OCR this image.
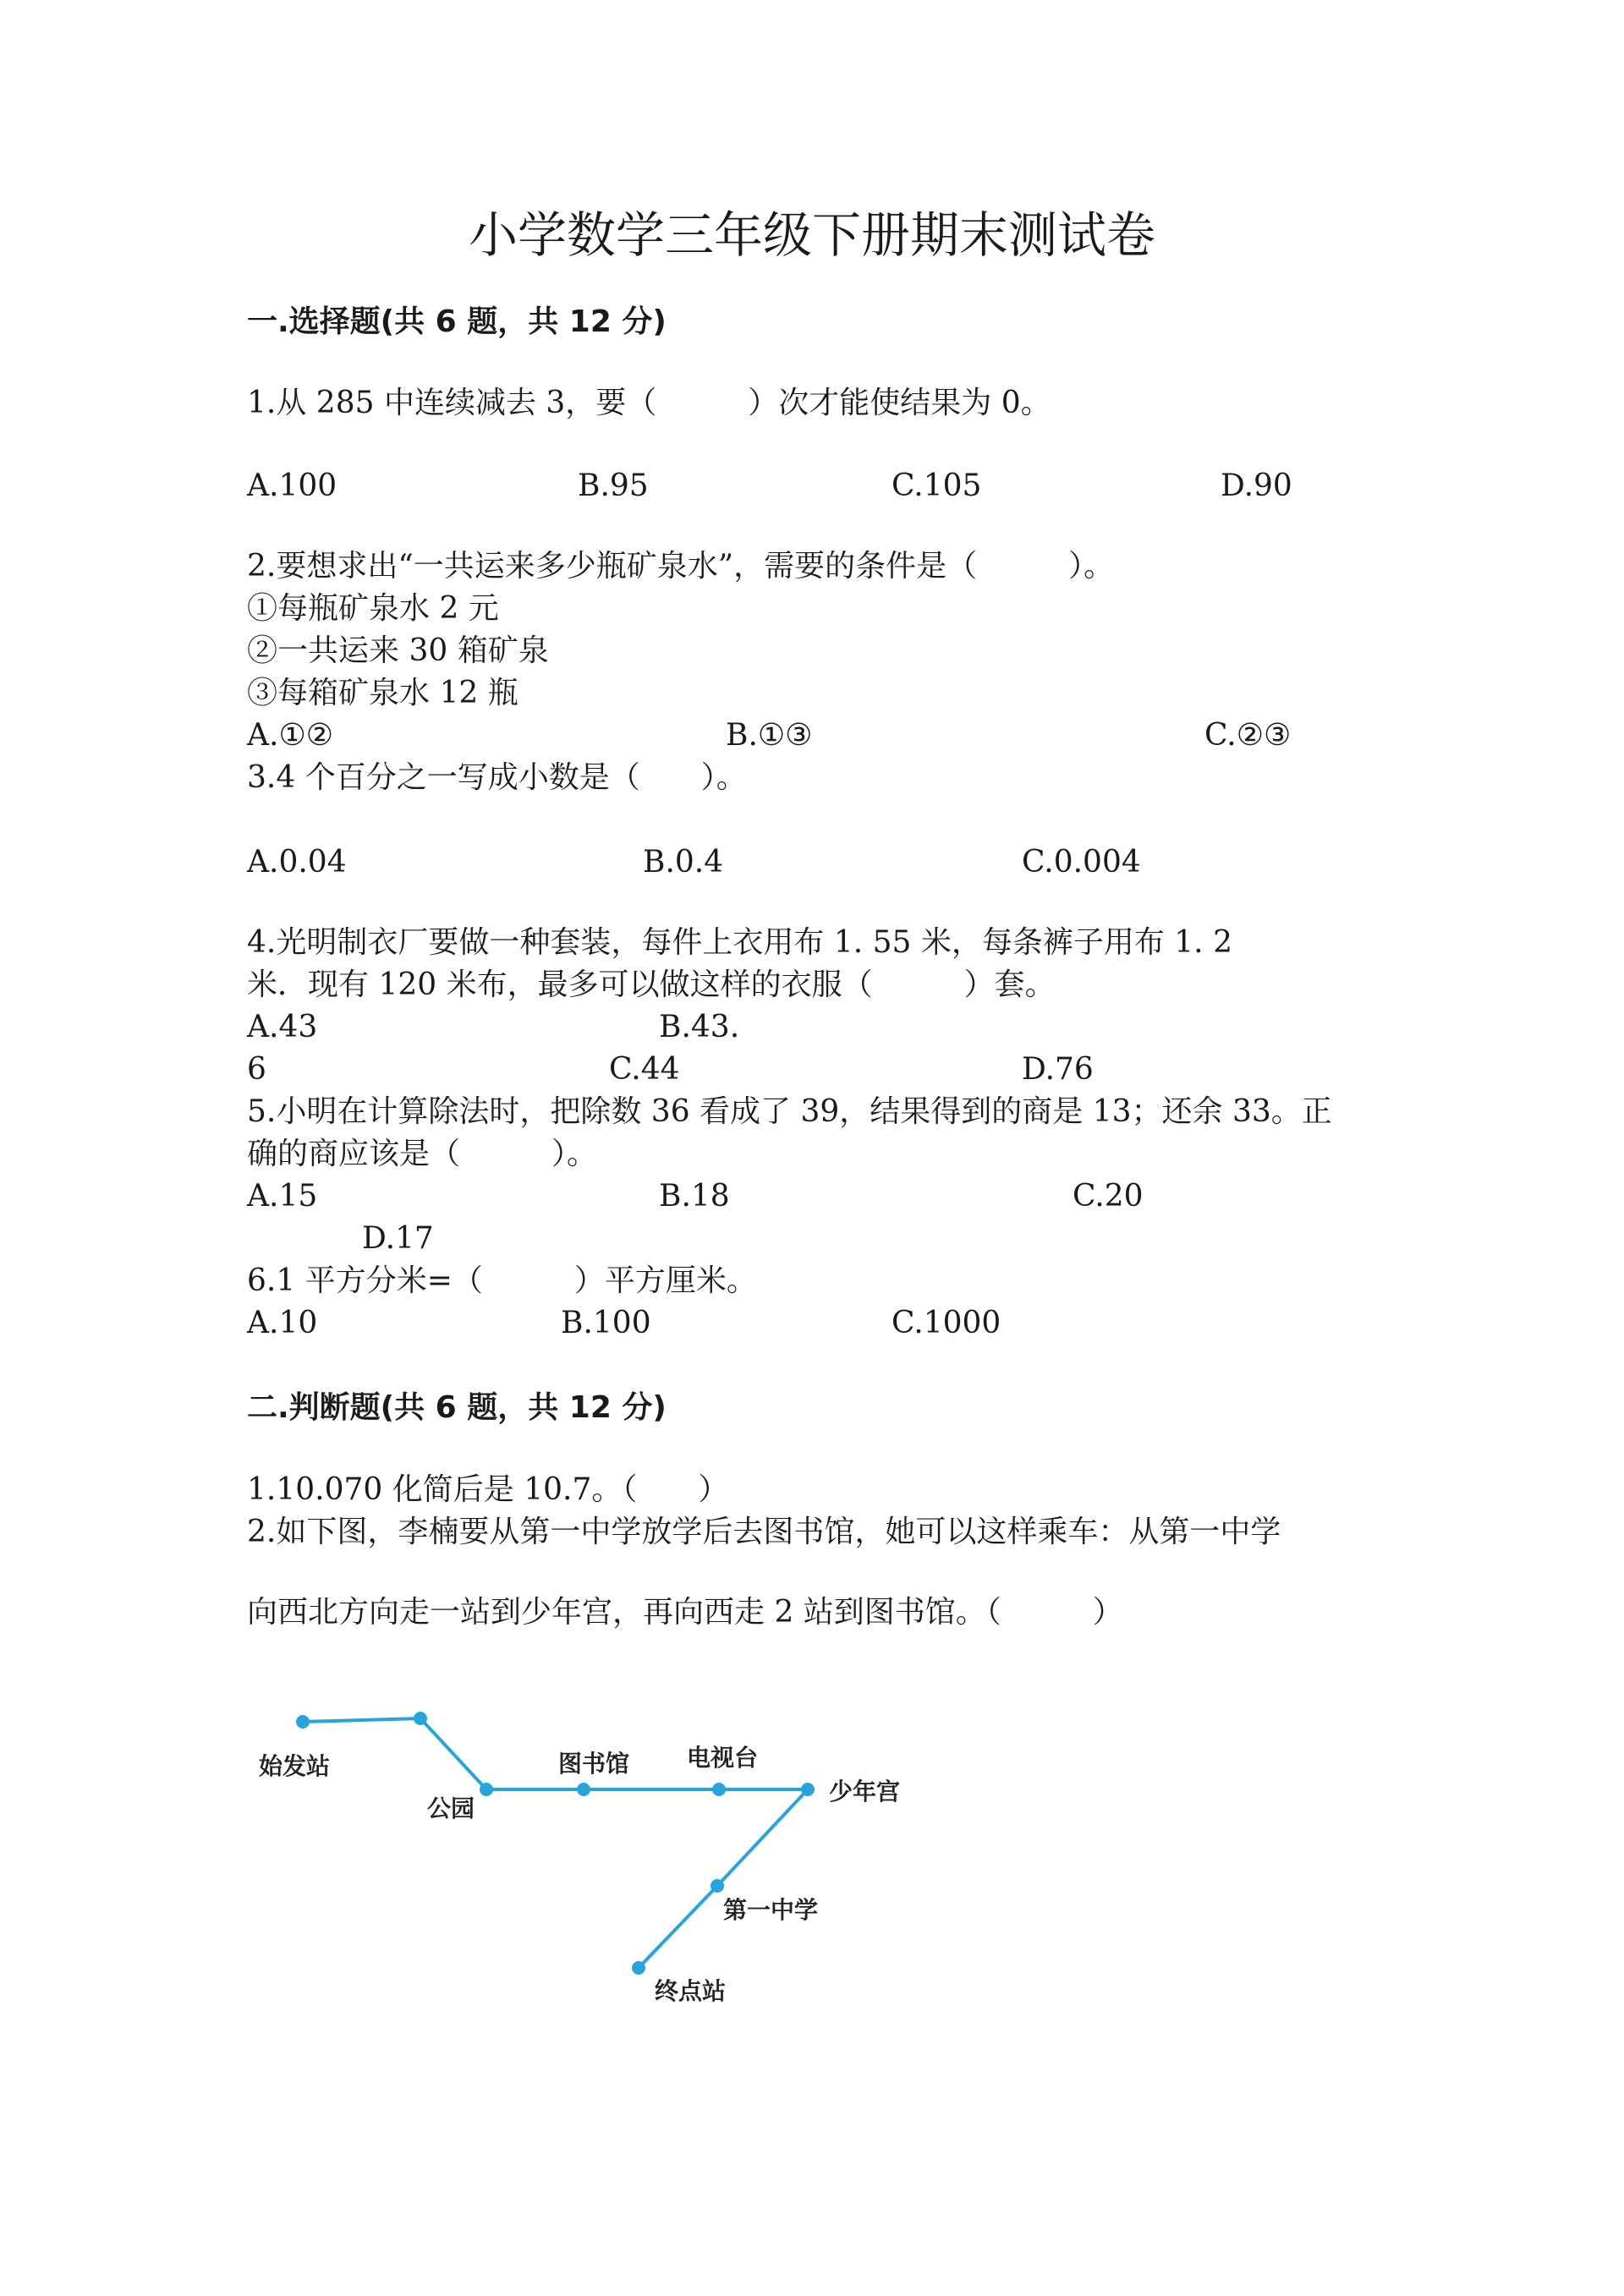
小学数学三年级下册期末测试卷
一.选择题(共 6 题，共 12 分)
1.从 285 中连续减去 3，要（　　　）次才能使结果为 0。
A.100	B.95	C.105	D.90
2.要想求出“一共运来多少瓶矿泉水”，需要的条件是（　　　）。
①每瓶矿泉水 2 元
②一共运来 30 箱矿泉
③每箱矿泉水 12 瓶
A.①②	B.①③	C.②③
3.4 个百分之一写成小数是（　　）。
A.0.04	B.0.4	C.0.004
4.光明制衣厂要做一种套装，每件上衣用布 1. 55 米，每条裤子用布 1. 2
米．现有 120 米布，最多可以做这样的衣服（　　　）套。
A.43	B.43.
6	C.44	D.76
5.小明在计算除法时，把除数 36 看成了 39，结果得到的商是 13；还余 33。正
确的商应该是（　　　）。
A.15	B.18	C.20
D.17
6.1 平方分米=（　　　）平方厘米。
A.10	B.100	C.1000
二.判断题(共 6 题，共 12 分)
1.10.070 化简后是 10.7。（　　）
2.如下图，李楠要从第一中学放学后去图书馆，她可以这样乘车：从第一中学
向西北方向走一站到少年宫，再向西走 2 站到图书馆。（　　　）
始发站
公园
图书馆 电视台
少年宫
第一中学
终点站
